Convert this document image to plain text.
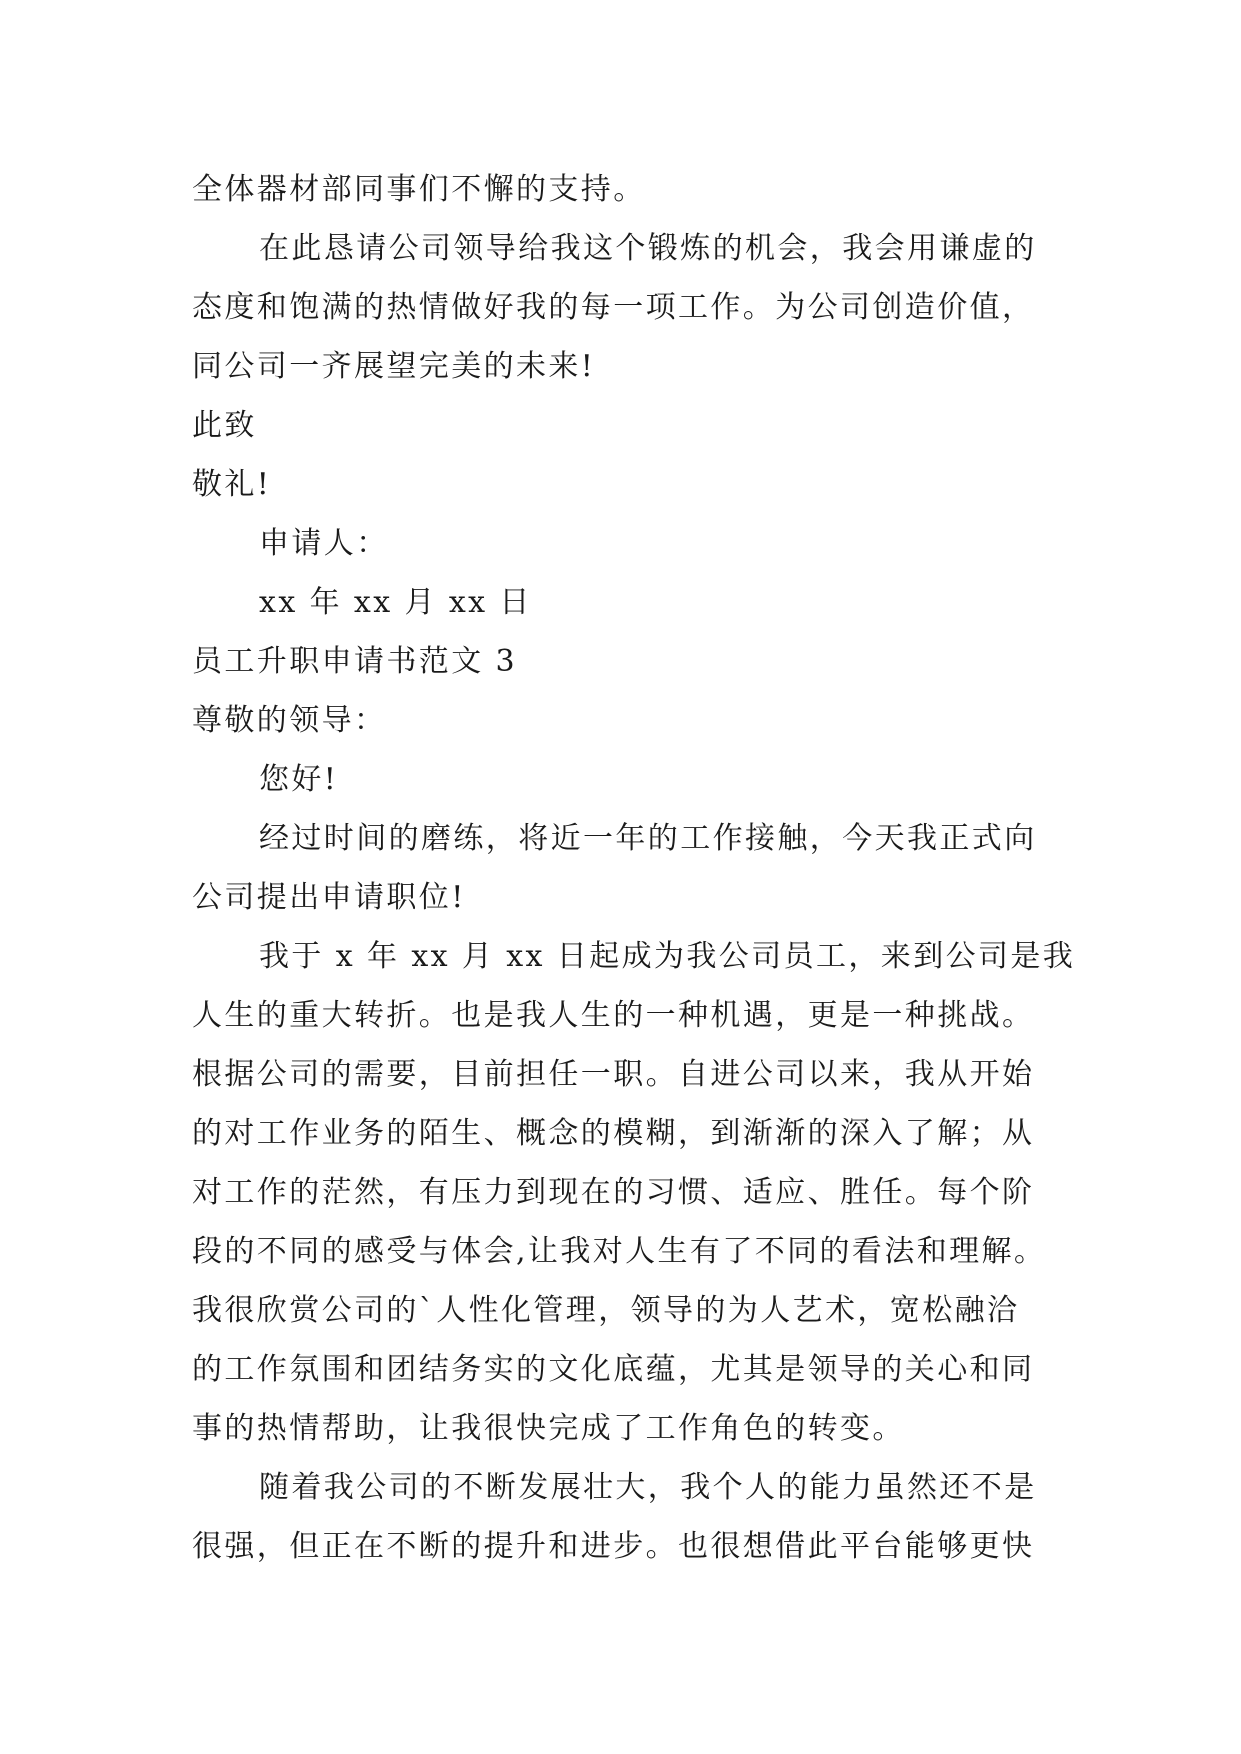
全体器材部同事们不懈的支持。
在此恳请公司领导给我这个锻炼的机会，我会用谦虚的
态度和饱满的热情做好我的每一项工作。为公司创造价值，
同公司一齐展望完美的未来!
此致
敬礼!
申请人：
xx 年 xx 月 xx 日
员工升职申请书范文 3
尊敬的领导：
您好!
经过时间的磨练，将近一年的工作接触，今天我正式向
公司提出申请职位!
我于 x 年 xx 月 xx 日起成为我公司员工，来到公司是我
人生的重大转折。也是我人生的一种机遇，更是一种挑战。
根据公司的需要，目前担任一职。自进公司以来，我从开始
的对工作业务的陌生、概念的模糊，到渐渐的深入了解；从
对工作的茫然，有压力到现在的习惯、适应、胜任。每个阶
段的不同的感受与体会,让我对人生有了不同的看法和理解。
我很欣赏公司的`人性化管理，领导的为人艺术，宽松融洽
的工作氛围和团结务实的文化底蕴，尤其是领导的关心和同
事的热情帮助，让我很快完成了工作角色的转变。
随着我公司的不断发展壮大，我个人的能力虽然还不是
很强，但正在不断的提升和进步。也很想借此平台能够更快
